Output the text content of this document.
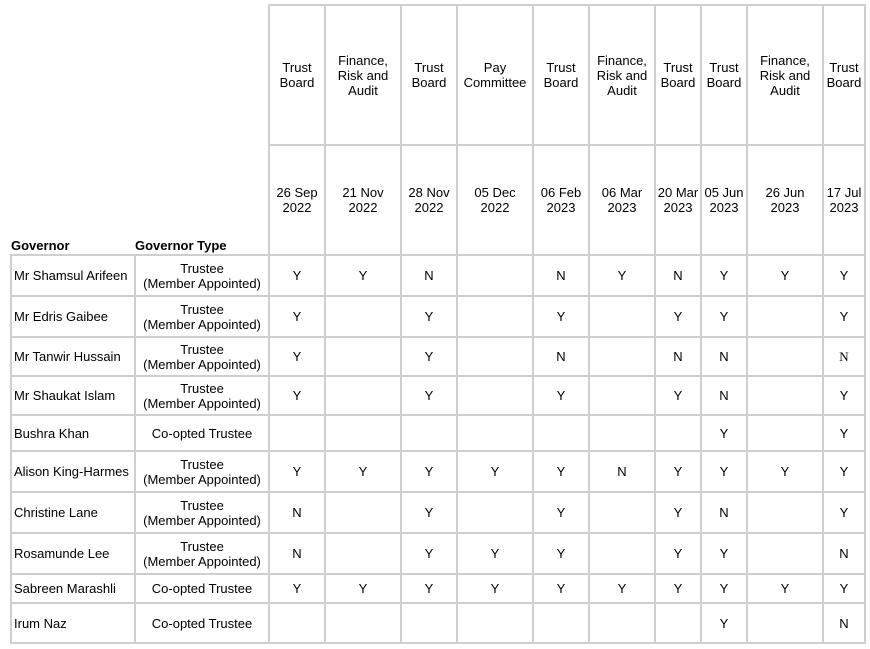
		Trust
Board	Finance,
Risk and
Audit	Trust
Board	Pay
Committee	Trust
Board	Finance,
Risk and
Audit	Trust
Board	Trust
Board	Finance,
Risk and
Audit	Trust
Board

Governor	Governor Type	26 Sep
2022	21 Nov
2022	28 Nov
2022	05 Dec
2022	06 Feb
2023	06 Mar
2023	20 Mar
2023	05 Jun
2023	26 Jun
2023	17 Jul
2023

Mr Shamsul Arifeen	Trustee
(Member Appointed)	Y	Y	N		N	Y	N	Y	Y	Y

Mr Edris Gaibee	Trustee
(Member Appointed)	Y		Y		Y		Y	Y		Y

Mr Tanwir Hussain	Trustee
(Member Appointed)	Y		Y		N		N	N		N

Mr Shaukat Islam	Trustee
(Member Appointed)	Y		Y		Y		Y	N		Y

Bushra Khan	Co-opted Trustee								Y		Y

Alison King-Harmes	Trustee
(Member Appointed)	Y	Y	Y	Y	Y	N	Y	Y	Y	Y

Christine Lane	Trustee
(Member Appointed)	N		Y		Y		Y	N		Y

Rosamunde Lee	Trustee
(Member Appointed)	N		Y	Y	Y		Y	Y		N

Sabreen Marashli	Co-opted Trustee	Y	Y	Y	Y	Y	Y	Y	Y	Y	Y

Irum Naz	Co-opted Trustee								Y		N
